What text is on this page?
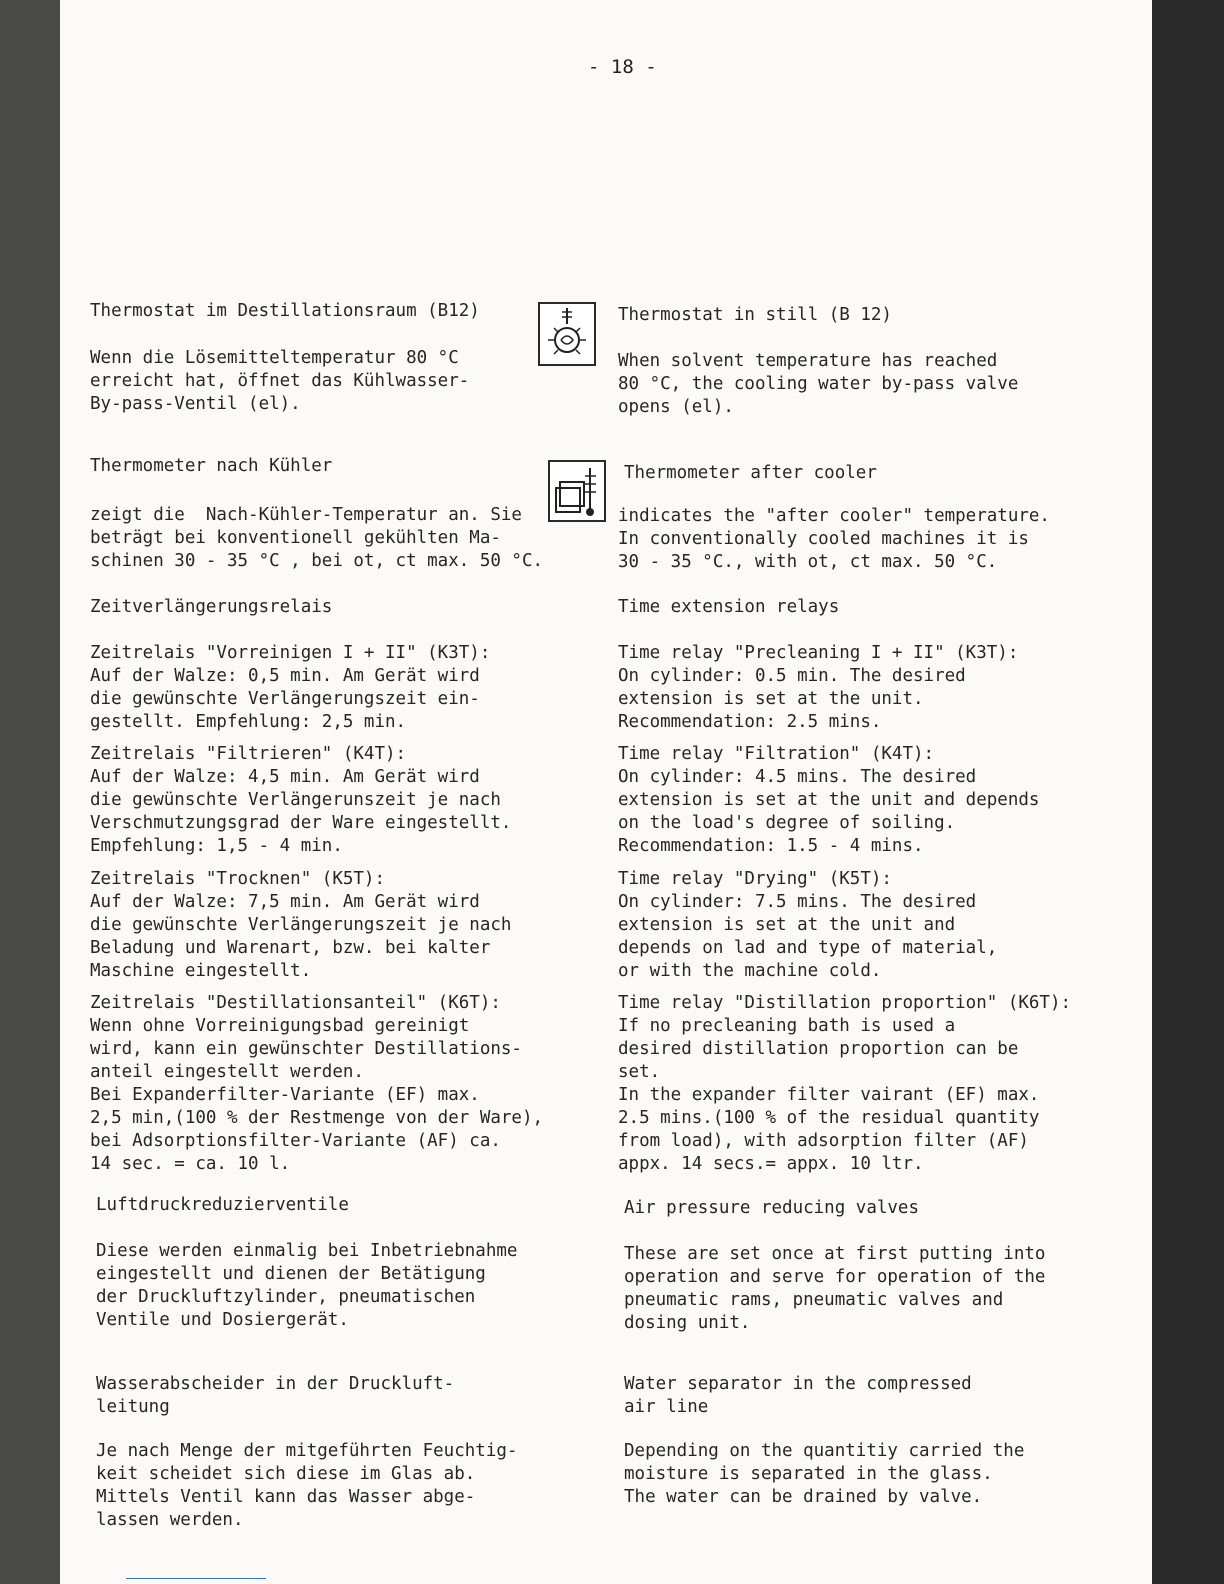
- 18 -

Thermostat im Destillationsraum (B12)	Thermostat in still (B 12)

Wenn die Lösemitteltemperatur 80 °C
erreicht hat, öffnet das Kühlwasser-
By-pass-Ventil (el).

When solvent temperature has reached
80 °C, the cooling water by-pass valve
opens (el).

Thermometer nach Kühler	Thermometer after cooler

zeigt die  Nach-Kühler-Temperatur an. Sie
beträgt bei konventionell gekühlten Ma-
schinen 30 - 35 °C , bei ot, ct max. 50 °C.

indicates the "after cooler" temperature.
In conventionally cooled machines it is
30 - 35 °C., with ot, ct max. 50 °C.

Zeitverlängerungsrelais	Time extension relays

Zeitrelais "Vorreinigen I + II" (K3T):
Auf der Walze: 0,5 min. Am Gerät wird
die gewünschte Verlängerungszeit ein-
gestellt. Empfehlung: 2,5 min.

Time relay "Precleaning I + II" (K3T):
On cylinder: 0.5 min. The desired
extension is set at the unit.
Recommendation: 2.5 mins.

Zeitrelais "Filtrieren" (K4T):
Auf der Walze: 4,5 min. Am Gerät wird
die gewünschte Verlängerunszeit je nach
Verschmutzungsgrad der Ware eingestellt.
Empfehlung: 1,5 - 4 min.

Time relay "Filtration" (K4T):
On cylinder: 4.5 mins. The desired
extension is set at the unit and depends
on the load's degree of soiling.
Recommendation: 1.5 - 4 mins.

Zeitrelais "Trocknen" (K5T):
Auf der Walze: 7,5 min. Am Gerät wird
die gewünschte Verlängerungszeit je nach
Beladung und Warenart, bzw. bei kalter
Maschine eingestellt.

Time relay "Drying" (K5T):
On cylinder: 7.5 mins. The desired
extension is set at the unit and
depends on lad and type of material,
or with the machine cold.

Zeitrelais "Destillationsanteil" (K6T):
Wenn ohne Vorreinigungsbad gereinigt
wird, kann ein gewünschter Destillations-
anteil eingestellt werden.
Bei Expanderfilter-Variante (EF) max.
2,5 min,(100 % der Restmenge von der Ware),
bei Adsorptionsfilter-Variante (AF) ca.
14 sec. = ca. 10 l.

Time relay "Distillation proportion" (K6T):
If no precleaning bath is used a
desired distillation proportion can be
set.
In the expander filter vairant (EF) max.
2.5 mins.(100 % of the residual quantity
from load), with adsorption filter (AF)
appx. 14 secs.= appx. 10 ltr.

Luftdruckreduzierventile	Air pressure reducing valves

Diese werden einmalig bei Inbetriebnahme
eingestellt und dienen der Betätigung
der Druckluftzylinder, pneumatischen
Ventile und Dosiergerät.

These are set once at first putting into
operation and serve for operation of the
pneumatic rams, pneumatic valves and
dosing unit.

Wasserabscheider in der Druckluft-
leitung

Water separator in the compressed
air line

Je nach Menge der mitgeführten Feuchtig-
keit scheidet sich diese im Glas ab.
Mittels Ventil kann das Wasser abge-
lassen werden.

Depending on the quantitiy carried the
moisture is separated in the glass.
The water can be drained by valve.
